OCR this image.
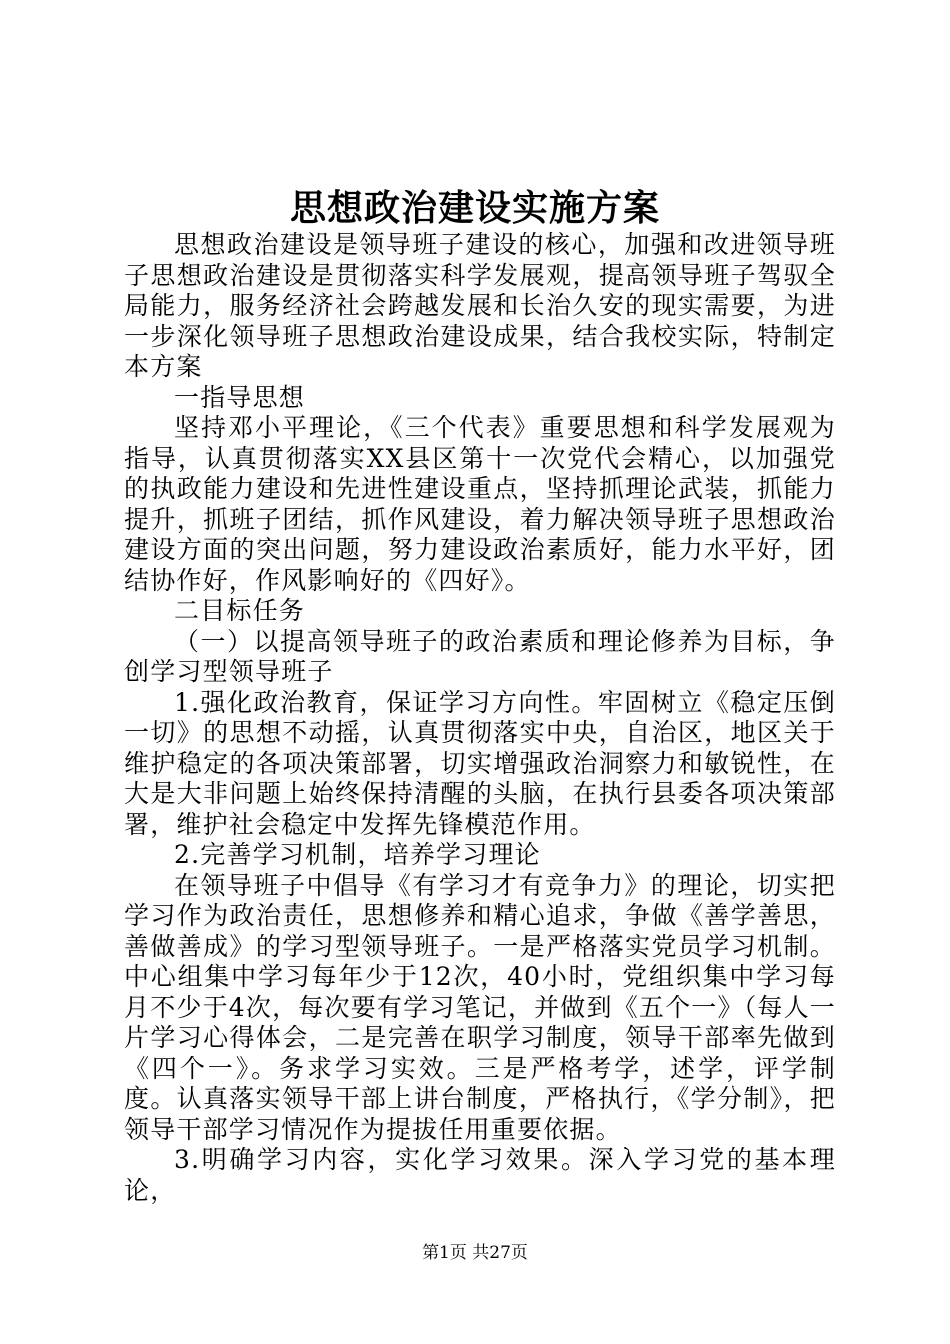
思想政治建设实施方案

思想政治建设是领导班子建设的核心，加强和改进领导班子思想政治建设是贯彻落实科学发展观，提高领导班子驾驭全局能力，服务经济社会跨越发展和长治久安的现实需要，为进一步深化领导班子思想政治建设成果，结合我校实际，特制定本方案

一指导思想

坚持邓小平理论，《三个代表》重要思想和科学发展观为指导，认真贯彻落实XX县区第十一次党代会精心，以加强党的执政能力建设和先进性建设重点，坚持抓理论武装，抓能力提升，抓班子团结，抓作风建设，着力解决领导班子思想政治建设方面的突出问题，努力建设政治素质好，能力水平好，团结协作好，作风影响好的《四好》。

二目标任务

（一）以提高领导班子的政治素质和理论修养为目标，争创学习型领导班子

1.强化政治教育，保证学习方向性。牢固树立《稳定压倒一切》的思想不动摇，认真贯彻落实中央，自治区，地区关于维护稳定的各项决策部署，切实增强政治洞察力和敏锐性，在大是大非问题上始终保持清醒的头脑，在执行县委各项决策部署，维护社会稳定中发挥先锋模范作用。

2.完善学习机制，培养学习理论

在领导班子中倡导《有学习才有竞争力》的理论，切实把学习作为政治责任，思想修养和精心追求，争做《善学善思，善做善成》的学习型领导班子。一是严格落实党员学习机制。中心组集中学习每年少于12次，40小时，党组织集中学习每月不少于4次，每次要有学习笔记，并做到《五个一》（每人一片学习心得体会，二是完善在职学习制度，领导干部率先做到《四个一》。务求学习实效。三是严格考学，述学，评学制度。认真落实领导干部上讲台制度，严格执行，《学分制》，把领导干部学习情况作为提拔任用重要依据。

3.明确学习内容，实化学习效果。深入学习党的基本理论，

第1页 共27页
